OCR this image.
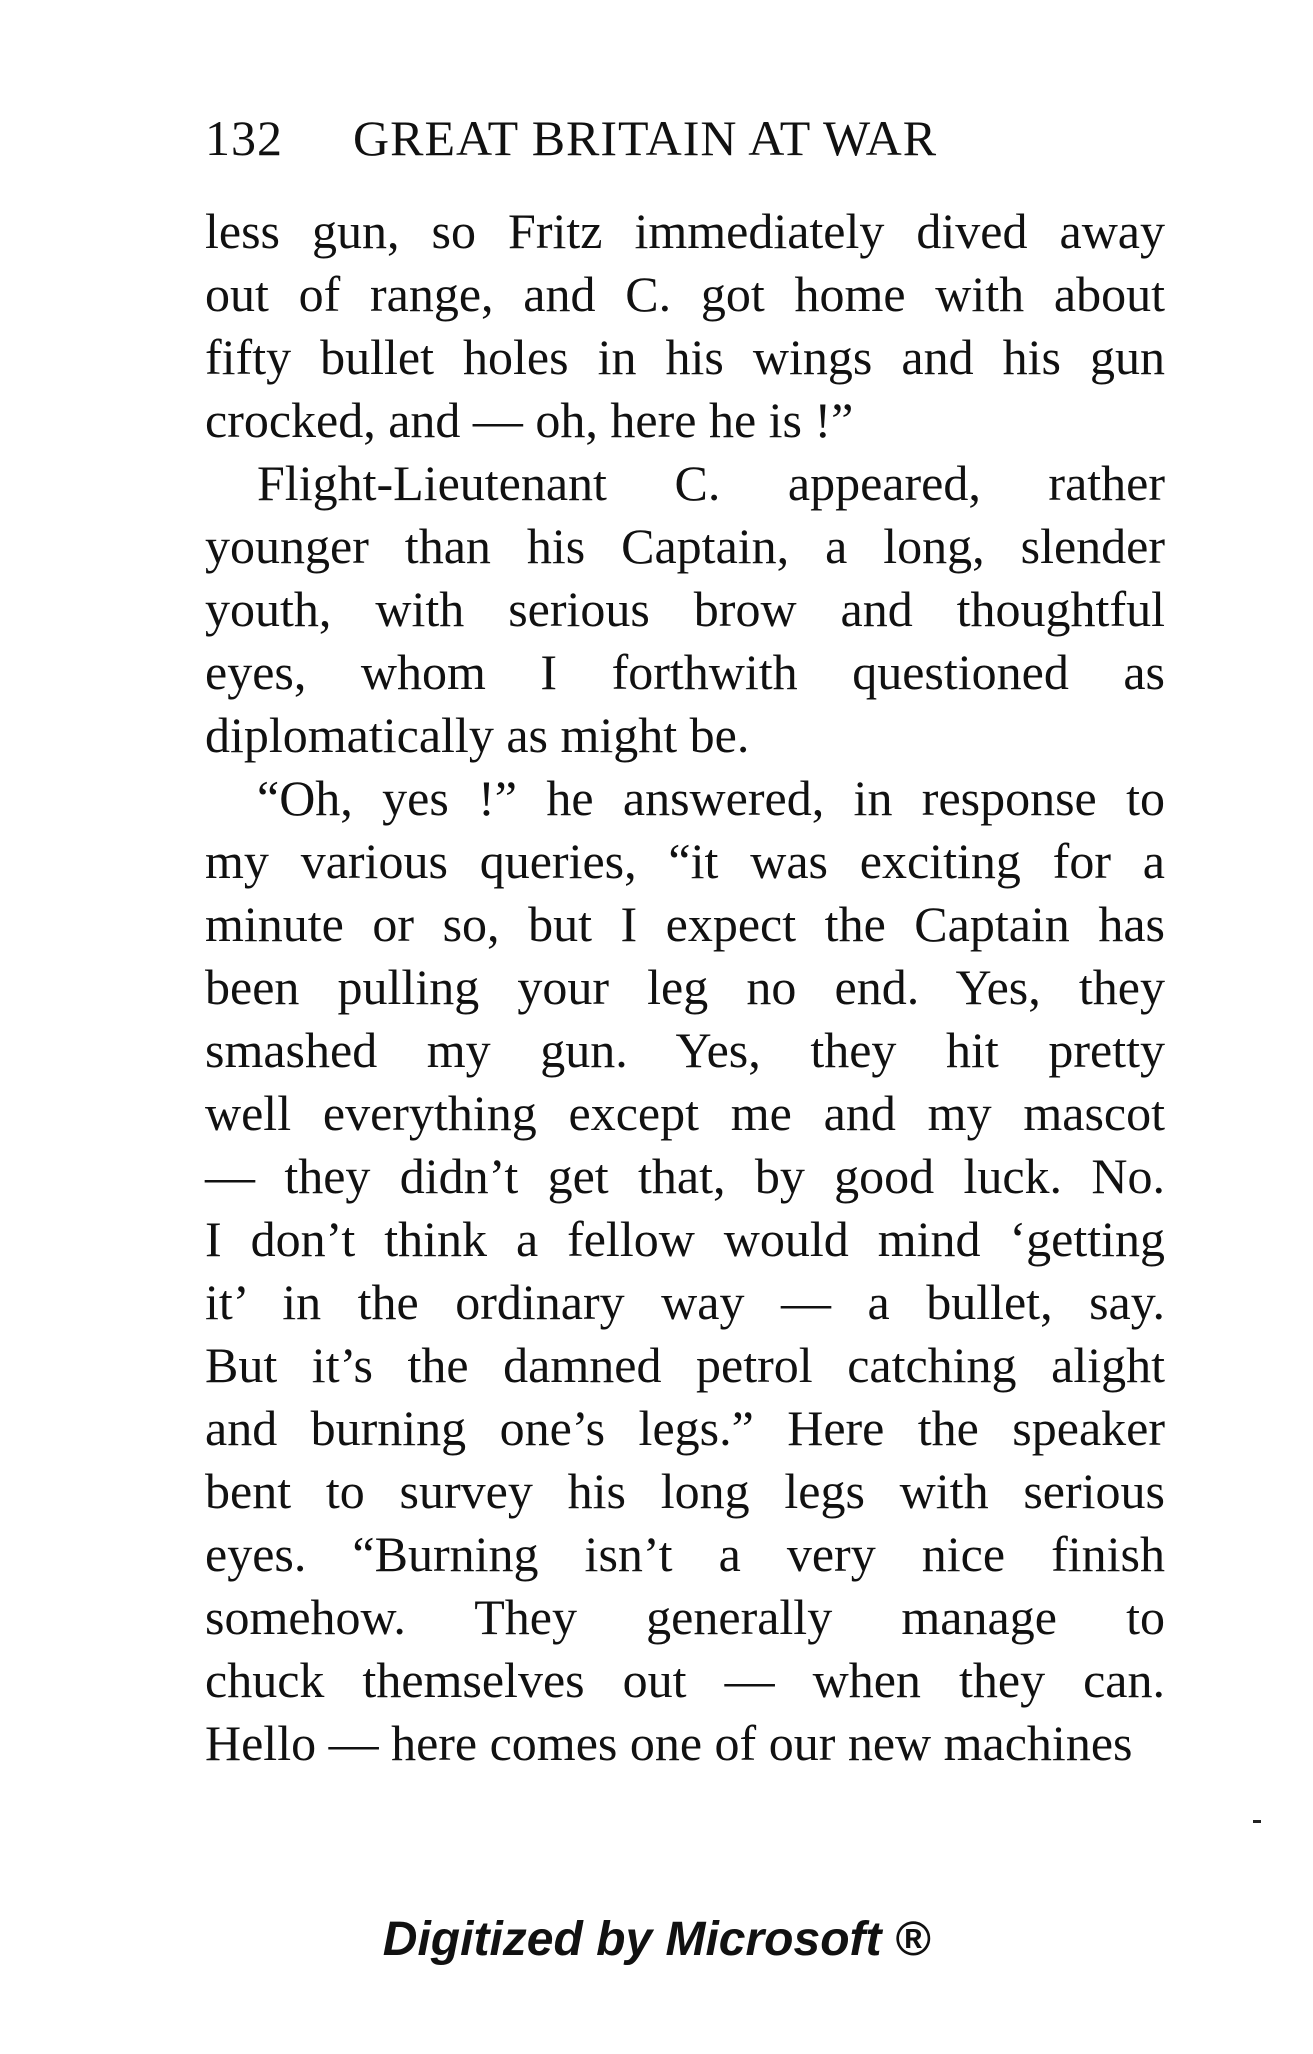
132 GREAT BRITAIN AT WAR
less gun, so Fritz immediately dived away
out of range, and C. got home with about
fifty bullet holes in his wings and his gun
crocked, and — oh, here he is !”
Flight-Lieutenant C. appeared, rather
younger than his Captain, a long, slender
youth, with serious brow and thoughtful
eyes, whom I forthwith questioned as
diplomatically as might be.
“Oh, yes !” he answered, in response to
my various queries, “it was exciting for a
minute or so, but I expect the Captain has
been pulling your leg no end. Yes, they
smashed my gun. Yes, they hit pretty
well everything except me and my mascot
— they didn’t get that, by good luck. No.
I don’t think a fellow would mind ‘getting
it’ in the ordinary way — a bullet, say.
But it’s the damned petrol catching alight
and burning one’s legs.” Here the speaker
bent to survey his long legs with serious
eyes. “Burning isn’t a very nice finish
somehow. They generally manage to
chuck themselves out — when they can.
Hello — here comes one of our new machines
Digitized by Microsoft ®
